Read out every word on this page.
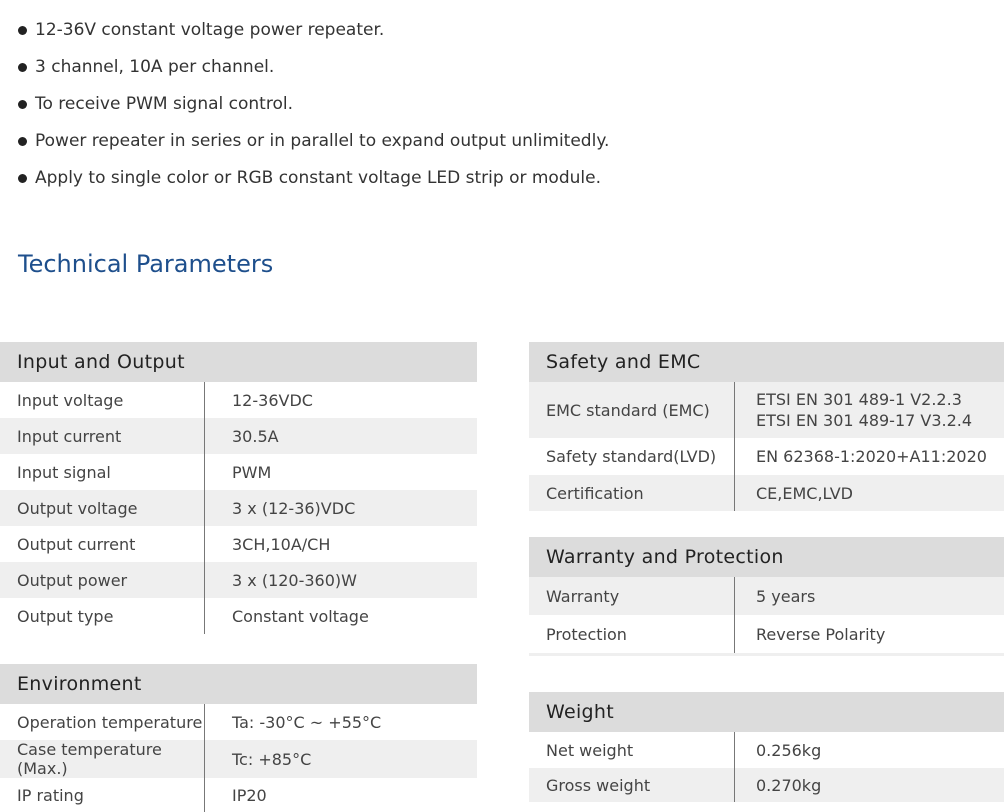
12-36V constant voltage power repeater.
3 channel, 10A per channel.
To receive PWM signal control.
Power repeater in series or in parallel to expand output unlimitedly.
Apply to single color or RGB constant voltage LED strip or module.
Technical Parameters
Input and Output
Input voltage	12-36VDC
Input current	30.5A
Input signal	PWM
Output voltage	3 x (12-36)VDC
Output current	3CH,10A/CH
Output power	3 x (120-360)W
Output type	Constant voltage
Environment
Operation temperature	Ta: -30°C ~ +55°C
Case temperature (Max.)	Tc: +85°C
IP rating	IP20
Safety and EMC
EMC standard (EMC)	ETSI EN 301 489-1 V2.2.3
ETSI EN 301 489-17 V3.2.4

Safety standard(LVD)	EN 62368-1:2020+A11:2020
Certification	CE,EMC,LVD
Warranty and Protection
Warranty	5 years
Protection	Reverse Polarity
Weight
Net weight	0.256kg
Gross weight	0.270kg
